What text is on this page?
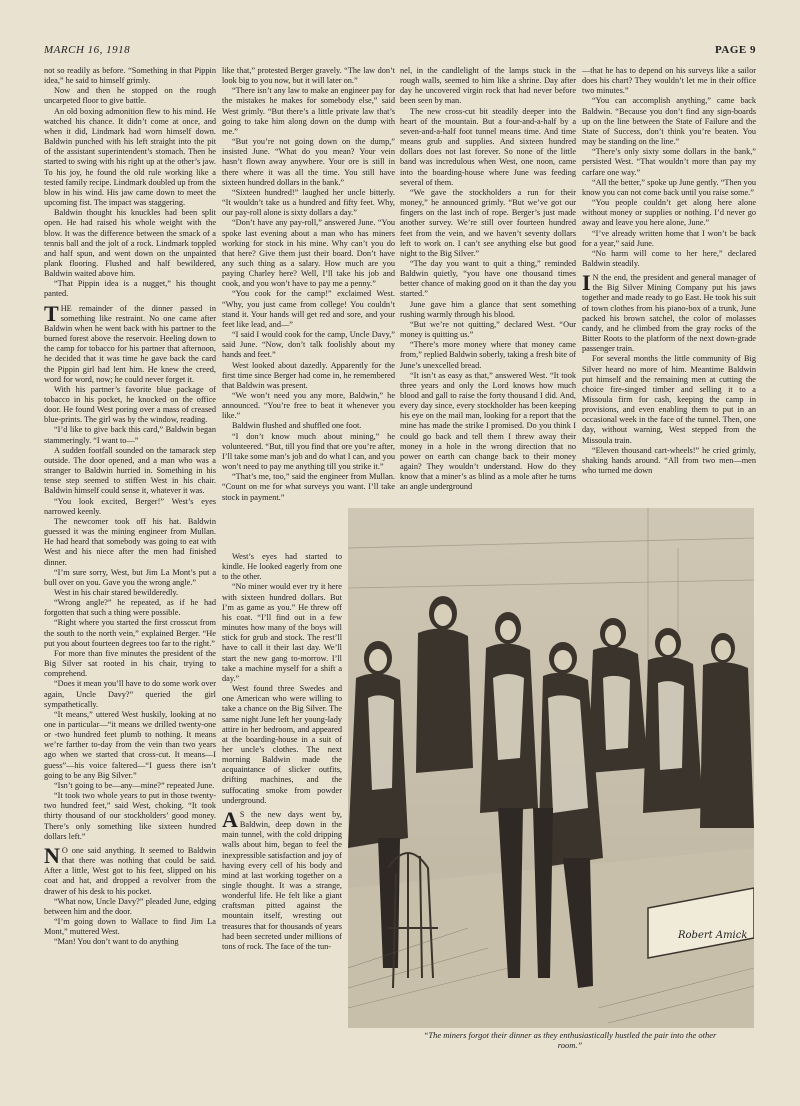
MARCH 16, 1918	PAGE 9

not so readily as before. “Something in that Pippin idea,” he said to himself grimly.

Now and then he stopped on the rough uncarpeted floor to give battle.

An old boxing admonition flew to his mind. He watched his chance. It didn’t come at once, and when it did, Lindmark had worn himself down. Baldwin punched with his left straight into the pit of the assistant superintendent’s stomach. Then he started to swing with his right up at the other’s jaw. To his joy, he found the old rule working like a tested family recipe. Lindmark doubled up from the blow in his wind. His jaw came down to meet the upcoming fist. The impact was staggering.

Baldwin thought his knuckles had been split open. He had raised his whole weight with the blow. It was the difference between the smack of a tennis ball and the jolt of a rock. Lindmark toppled and half spun, and went down on the unpainted plank flooring. Flushed and half bewildered, Baldwin waited above him.

“That Pippin idea is a nugget,” his thought panted.

THE remainder of the dinner passed in something like restraint. No one came after Baldwin when he went back with his partner to the burned forest above the reservoir. Heeling down to the camp for tobacco for his partner that afternoon, he decided that it was time he gave back the card the Pippin girl had lent him. He knew the creed, word for word, now; he could never forget it.

With his partner’s favorite blue package of tobacco in his pocket, he knocked on the office door. He found West poring over a mass of creased blue-prints. The girl was by the window, reading.

“I’d like to give back this card,” Baldwin began stammeringly. “I want to—”

A sudden footfall sounded on the tamarack step outside. The door opened, and a man who was a stranger to Baldwin hurried in. Something in his tense step seemed to stiffen West in his chair. Baldwin himself could sense it, whatever it was.

“You look excited, Berger!” West’s eyes narrowed keenly.

The newcomer took off his hat. Baldwin guessed it was the mining engineer from Mullan. He had heard that somebody was going to eat with West and his niece after the men had finished dinner.

“I’m sure sorry, West, but Jim La Mont’s put a bull over on you. Gave you the wrong angle.”

West in his chair stared bewilderedly.

“Wrong angle?” he repeated, as if he had forgotten that such a thing were possible.

“Right where you started the first crosscut from the south to the north vein,” explained Berger. “He put you about fourteen degrees too far to the right.”

For more than five minutes the president of the Big Silver sat rooted in his chair, trying to comprehend.

“Does it mean you’ll have to do some work over again, Uncle Davy?” queried the girl sympathetically.

“It means,” uttered West huskily, looking at no one in particular—“it means we drilled twenty-one or -two hundred feet plumb to nothing. It means we’re farther to-day from the vein than two years ago when we started that cross-cut. It means—I guess”—his voice faltered—“I guess there isn’t going to be any Big Silver.”

“Isn’t going to be—any—mine?” repeated June.

“It took two whole years to put in those twenty-two hundred feet,” said West, choking. “It took thirty thousand of our stockholders’ good money. There’s only something like sixteen hundred dollars left.”

N O one said anything. It seemed to Baldwin that there was nothing that could be said. After a little, West got to his feet, slipped on his coat and hat, and dropped a revolver from the drawer of his desk to his pocket.

“What now, Uncle Davy?” pleaded June, edging between him and the door.

“I’m going down to Wallace to find Jim La Mont,” muttered West.

“Man! You don’t want to do anything

like that,” protested Berger gravely. “The law don’t look big to you now, but it will later on.”

“There isn’t any law to make an engineer pay for the mistakes he makes for somebody else,” said West grimly. “But there’s a little private law that’s going to take him along down on the dump with me.”

“But you’re not going down on the dump,” insisted June. “What do you mean? Your vein hasn’t flown away anywhere. Your ore is still in there where it was all the time. You still have sixteen hundred dollars in the bank.”

“Sixteen hundred!” laughed her uncle bitterly. “It wouldn’t take us a hundred and fifty feet. Why, our pay-roll alone is sixty dollars a day.”

“Don’t have any pay-roll,” answered June. “You spoke last evening about a man who has miners working for stock in his mine. Why can’t you do that here? Give them just their board. Don’t have any such thing as a salary. How much are you paying Charley here? Well, I’ll take his job and cook, and you won’t have to pay me a penny.”

“You cook for the camp!” exclaimed West. “Why, you just came from college! You couldn’t stand it. Your hands will get red and sore, and your feet like lead, and—”

“I said I would cook for the camp, Uncle Davy,” said June. “Now, don’t talk foolishly about my hands and feet.”

West looked about dazedly. Apparently for the first time since Berger had come in, he remembered that Baldwin was present.

“We won’t need you any more, Baldwin,” he announced. “You’re free to beat it whenever you like.”

Baldwin flushed and shuffled one foot.

“I don’t know much about mining,” he volunteered. “But, till you find that ore you’re after, I’ll take some man’s job and do what I can, and you won’t need to pay me anything till you strike it.”

“That’s me, too,” said the engineer from Mullan. “Count on me for what surveys you want. I’ll take stock in payment.”

West’s eyes had started to kindle. He looked eagerly from one to the other.

“No miner would ever try it here with sixteen hundred dollars. But I’m as game as you.” He threw off his coat. “I’ll find out in a few minutes how many of the boys will stick for grub and stock. The rest’ll have to call it their last day. We’ll start the new gang to-morrow. I’ll take a machine myself for a shift a day.”

West found three Swedes and one American who were willing to take a chance on the Big Silver. The same night June left her young-lady attire in her bedroom, and appeared at the boarding-house in a suit of her uncle’s clothes. The next morning Baldwin made the acquaintance of slicker outfits, drifting machines, and the suffocating smoke from powder underground.

A S the new days went by, Baldwin, deep down in the main tunnel, with the cold dripping walls about him, began to feel the inexpressible satisfaction and joy of having every cell of his body and mind at last working together on a single thought. It was a strange, wonderful life. He felt like a giant craftsman pitted against the mountain itself, wresting out treasures that for thousands of years had been secreted under millions of tons of rock. The face of the tun-

nel, in the candlelight of the lamps stuck in the rough walls, seemed to him like a shrine. Day after day he uncovered virgin rock that had never before been seen by man.

The new cross-cut bit steadily deeper into the heart of the mountain. But a four-and-a-half by a seven-and-a-half foot tunnel means time. And time means grub and supplies. And sixteen hundred dollars does not last forever. So none of the little band was incredulous when West, one noon, came into the boarding-house where June was feeding several of them.

“We gave the stockholders a run for their money,” he announced grimly. “But we’ve got our fingers on the last inch of rope. Berger’s just made another survey. We’re still over fourteen hundred feet from the vein, and we haven’t seventy dollars left to work on. I can’t see anything else but good night to the Big Silver.”

“The day you want to quit a thing,” reminded Baldwin quietly, “you have one thousand times better chance of making good on it than the day you started.”

June gave him a glance that sent something rushing warmly through his blood.

“But we’re not quitting,” declared West. “Our money is quitting us.”

“There’s more money where that money came from,” replied Baldwin soberly, taking a fresh bite of June’s unexcelled bread.

“It isn’t as easy as that,” answered West. “It took three years and only the Lord knows how much blood and gall to raise the forty thousand I did. And, every day since, every stockholder has been keeping his eye on the mail man, looking for a report that the mine has made the strike I promised. Do you think I could go back and tell them I threw away their money in a hole in the wrong direction that no power on earth can change back to their money again? They wouldn’t understand. How do they know that a miner’s as blind as a mole after he turns an angle underground

—that he has to depend on his surveys like a sailor does his chart? They wouldn’t let me in their office two minutes.”

“You can accomplish anything,” came back Baldwin. “Because you don’t find any sign-boards up on the line between the State of Failure and the State of Success, don’t think you’re beaten. You may be standing on the line.”

“There’s only sixty some dollars in the bank,” persisted West. “That wouldn’t more than pay my carfare one way.”

“All the better,” spoke up June gently. “Then you know you can not come back until you raise some.”

“You people couldn’t get along here alone without money or supplies or nothing. I’d never go away and leave you here alone, June.”

“I’ve already written home that I won’t be back for a year,” said June.

“No harm will come to her here,” declared Baldwin steadily.

I N the end, the president and general manager of the Big Silver Mining Company put his jaws together and made ready to go East. He took his suit of town clothes from his piano-box of a trunk, June packed his brown satchel, the color of molasses candy, and he climbed from the gray rocks of the Bitter Roots to the platform of the next down-grade passenger train.

For several months the little community of Big Silver heard no more of him. Meantime Baldwin put himself and the remaining men at cutting the choice fire-singed timber and selling it to a Missoula firm for cash, keeping the camp in provisions, and even enabling them to put in an occasional week in the face of the tunnel. Then, one day, without warning, West stepped from the Missoula train.

“Eleven thousand cart-wheels!” he cried grimly, shaking hands around. “All from two men—men who turned me down

Robert Amick
“The miners forgot their dinner as they enthusiastically hustled the pair into the other room.”
